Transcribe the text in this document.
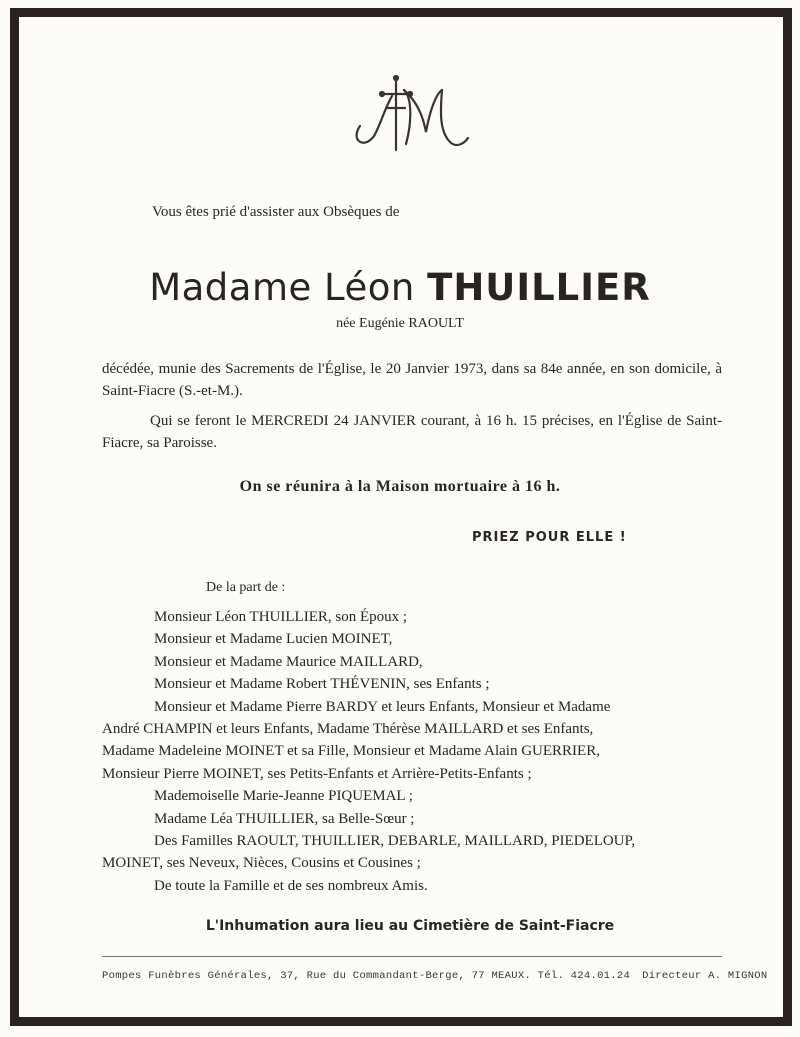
Vous êtes prié d'assister aux Obsèques de
Madame Léon THUILLIER
née Eugénie RAOULT
décédée, munie des Sacrements de l'Église, le 20 Janvier 1973, dans sa 84e année, en son domicile, à Saint-Fiacre (S.-et-M.).
Qui se feront le MERCREDI 24 JANVIER courant, à 16 h. 15 précises, en l'Église de Saint-Fiacre, sa Paroisse.
On se réunira à la Maison mortuaire à 16 h.
PRIEZ POUR ELLE !
De la part de :
Monsieur Léon THUILLIER, son Époux ;
Monsieur et Madame Lucien MOINET,
Monsieur et Madame Maurice MAILLARD,
Monsieur et Madame Robert THÉVENIN, ses Enfants ;
Monsieur et Madame Pierre BARDY et leurs Enfants, Monsieur et Madame
André CHAMPIN et leurs Enfants, Madame Thérèse MAILLARD et ses Enfants,
Madame Madeleine MOINET et sa Fille, Monsieur et Madame Alain GUERRIER,
Monsieur Pierre MOINET, ses Petits-Enfants et Arrière-Petits-Enfants ;
Mademoiselle Marie-Jeanne PIQUEMAL ;
Madame Léa THUILLIER, sa Belle-Sœur ;
Des Familles RAOULT, THUILLIER, DEBARLE, MAILLARD, PIEDELOUP,
MOINET, ses Neveux, Nièces, Cousins et Cousines ;
De toute la Famille et de ses nombreux Amis.
L'Inhumation aura lieu au Cimetière de Saint-Fiacre
Pompes Funèbres Générales, 37, Rue du Commandant-Berge, 77 MEAUX. Tél. 424.01.24 Directeur A. MIGNON
